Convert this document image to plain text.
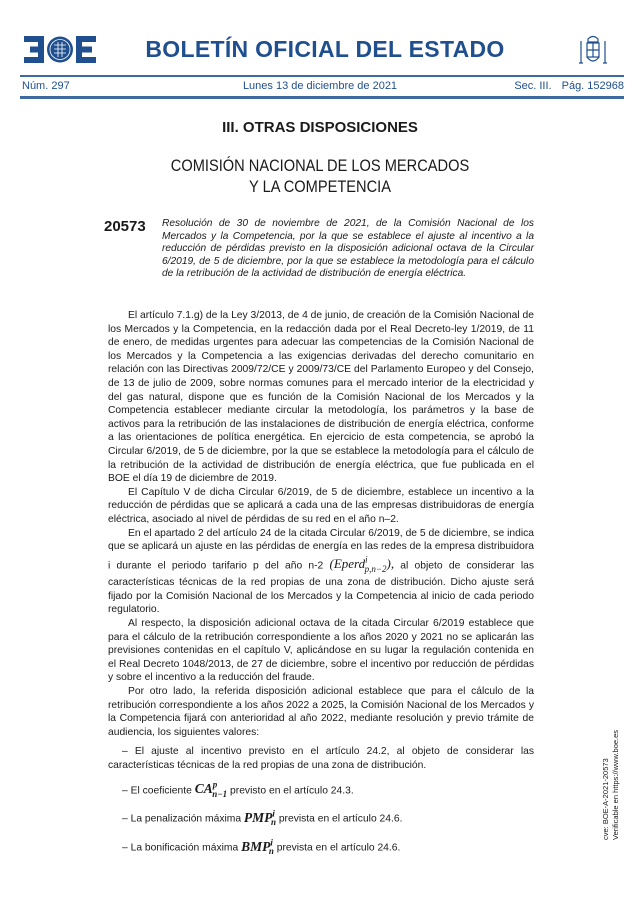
BOLETÍN OFICIAL DEL ESTADO
Núm. 297	Lunes 13 de diciembre de 2021	Sec. III. Pág. 152968
III. OTRAS DISPOSICIONES
COMISIÓN NACIONAL DE LOS MERCADOS
Y LA COMPETENCIA
20573 Resolución de 30 de noviembre de 2021, de la Comisión Nacional de los Mercados y la Competencia, por la que se establece el ajuste al incentivo a la reducción de pérdidas previsto en la disposición adicional octava de la Circular 6/2019, de 5 de diciembre, por la que se establece la metodología para el cálculo de la retribución de la actividad de distribución de energía eléctrica.

El artículo 7.1.g) de la Ley 3/2013, de 4 de junio, de creación de la Comisión Nacional de los Mercados y la Competencia, en la redacción dada por el Real Decreto-ley 1/2019, de 11 de enero, de medidas urgentes para adecuar las competencias de la Comisión Nacional de los Mercados y la Competencia a las exigencias derivadas del derecho comunitario en relación con las Directivas 2009/72/CE y 2009/73/CE del Parlamento Europeo y del Consejo, de 13 de julio de 2009, sobre normas comunes para el mercado interior de la electricidad y del gas natural, dispone que es función de la Comisión Nacional de los Mercados y la Competencia establecer mediante circular la metodología, los parámetros y la base de activos para la retribución de las instalaciones de distribución de energía eléctrica, conforme a las orientaciones de política energética. En ejercicio de esta competencia, se aprobó la Circular 6/2019, de 5 de diciembre, por la que se establece la metodología para el cálculo de la retribución de la actividad de distribución de energía eléctrica, que fue publicada en el BOE el día 19 de diciembre de 2019.

El Capítulo V de dicha Circular 6/2019, de 5 de diciembre, establece un incentivo a la reducción de pérdidas que se aplicará a cada una de las empresas distribuidoras de energía eléctrica, asociado al nivel de pérdidas de su red en el año n–2.

En el apartado 2 del artículo 24 de la citada Circular 6/2019, de 5 de diciembre, se indica que se aplicará un ajuste en las pérdidas de energía en las redes de la empresa distribuidora i durante el periodo tarifario p del año n-2 (Eperd$^i_{p,n-2}$), al objeto de considerar las características técnicas de la red propias de una zona de distribución. Dicho ajuste será fijado por la Comisión Nacional de los Mercados y la Competencia al inicio de cada periodo regulatorio.

Al respecto, la disposición adicional octava de la citada Circular 6/2019 establece que para el cálculo de la retribución correspondiente a los años 2020 y 2021 no se aplicarán las previsiones contenidas en el capítulo V, aplicándose en su lugar la regulación contenida en el Real Decreto 1048/2013, de 27 de diciembre, sobre el incentivo por reducción de pérdidas y sobre el incentivo a la reducción del fraude.

Por otro lado, la referida disposición adicional establece que para el cálculo de la retribución correspondiente a los años 2022 a 2025, la Comisión Nacional de los Mercados y la Competencia fijará con anterioridad al año 2022, mediante resolución y previo trámite de audiencia, los siguientes valores:

– El ajuste al incentivo previsto en el artículo 24.2, al objeto de considerar las características técnicas de la red propias de una zona de distribución.

– El coeficiente $CA^p_{n-1}$ previsto en el artículo 24.3.

– La penalización máxima $PMP^i_n$ prevista en el artículo 24.6.

– La bonificación máxima $BMP^i_n$ prevista en el artículo 24.6.

cve: BOE-A-2021-20573 Verificable en https://www.boe.es
